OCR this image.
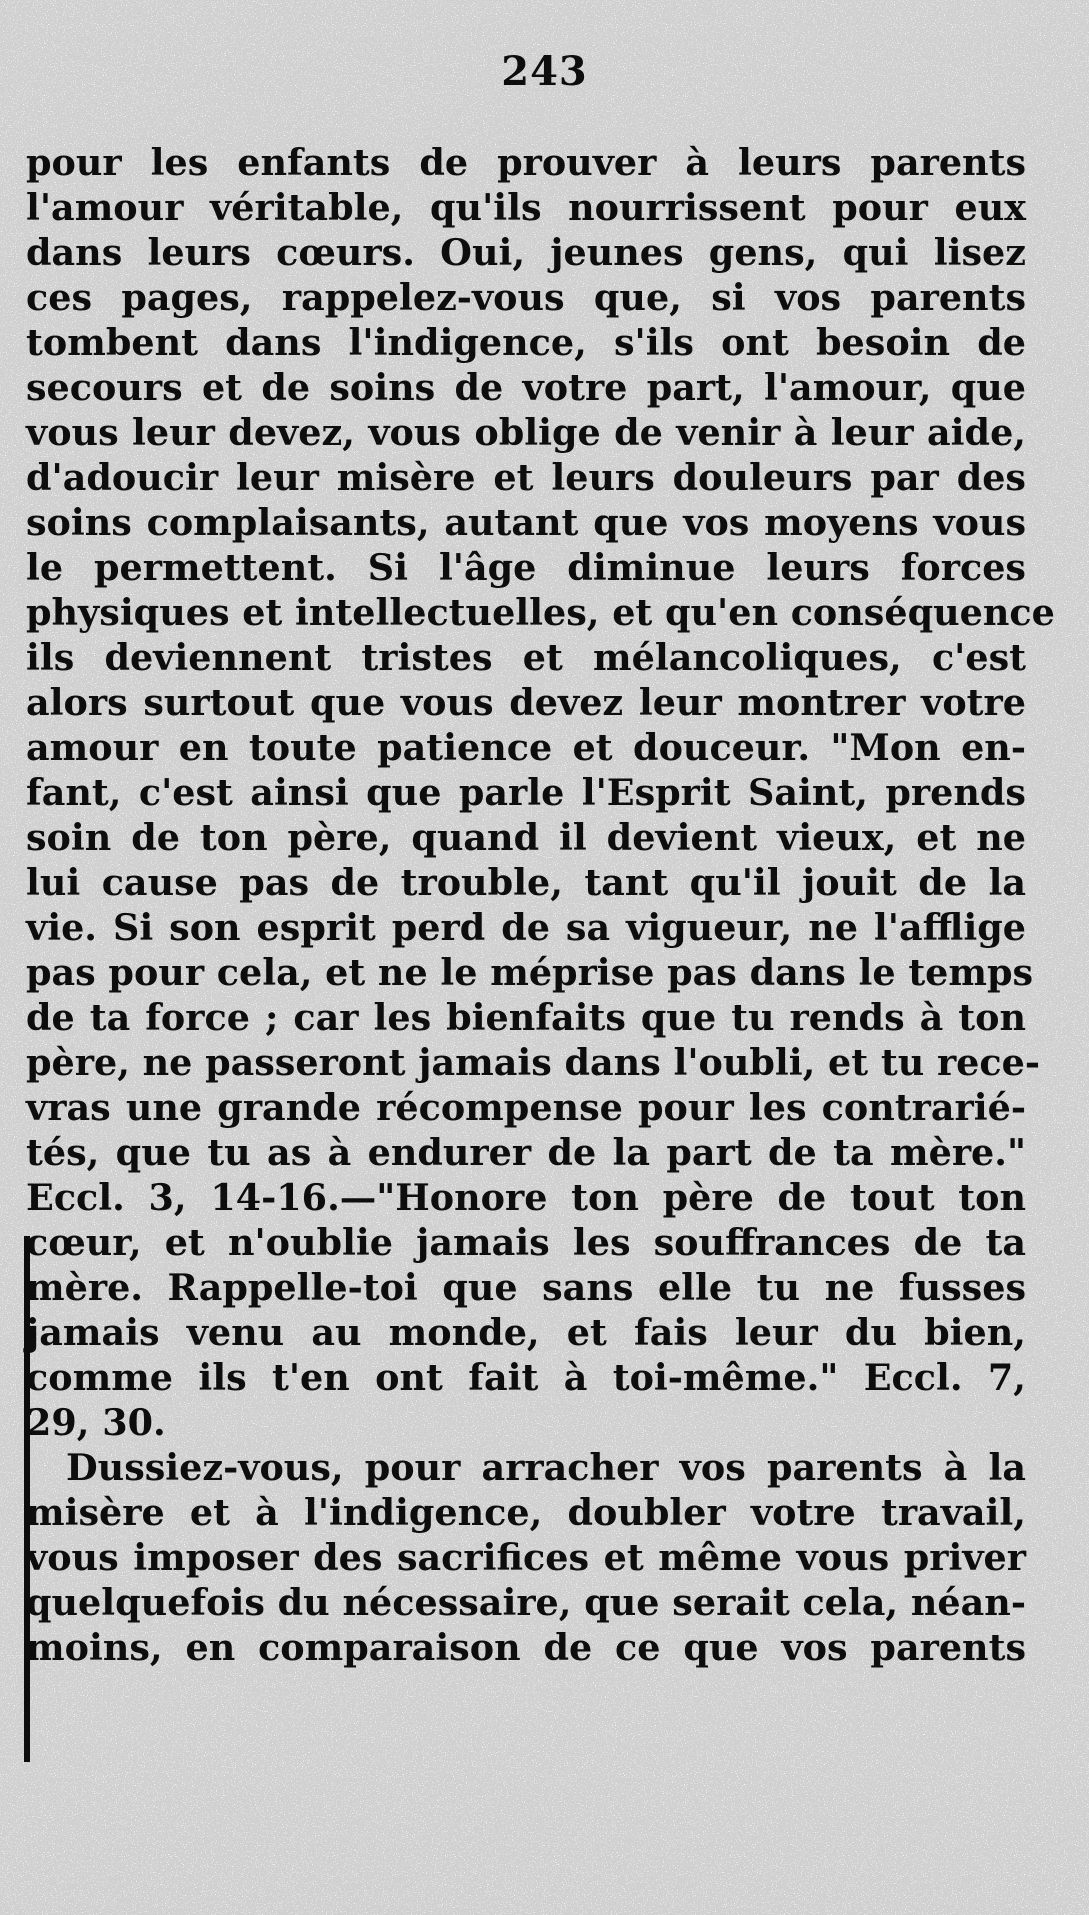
243
pour les enfants de prouver à leurs parents
l'amour véritable, qu'ils nourrissent pour eux
dans leurs cœurs. Oui, jeunes gens, qui lisez
ces pages, rappelez-vous que, si vos parents
tombent dans l'indigence, s'ils ont besoin de
secours et de soins de votre part, l'amour, que
vous leur devez, vous oblige de venir à leur aide,
d'adoucir leur misère et leurs douleurs par des
soins complaisants, autant que vos moyens vous
le permettent. Si l'âge diminue leurs forces
physiques et intellectuelles, et qu'en conséquence
ils deviennent tristes et mélancoliques, c'est
alors surtout que vous devez leur montrer votre
amour en toute patience et douceur. "Mon en-
fant, c'est ainsi que parle l'Esprit Saint, prends
soin de ton père, quand il devient vieux, et ne
lui cause pas de trouble, tant qu'il jouit de la
vie. Si son esprit perd de sa vigueur, ne l'afflige
pas pour cela, et ne le méprise pas dans le temps
de ta force ; car les bienfaits que tu rends à ton
père, ne passeront jamais dans l'oubli, et tu rece-
vras une grande récompense pour les contrarié-
tés, que tu as à endurer de la part de ta mère."
Eccl. 3, 14-16.—"Honore ton père de tout ton
cœur, et n'oublie jamais les souffrances de ta
mère. Rappelle-toi que sans elle tu ne fusses
jamais venu au monde, et fais leur du bien,
comme ils t'en ont fait à toi-même." Eccl. 7,
29, 30.
Dussiez-vous, pour arracher vos parents à la
misère et à l'indigence, doubler votre travail,
vous imposer des sacrifices et même vous priver
quelquefois du nécessaire, que serait cela, néan-
moins, en comparaison de ce que vos parents
